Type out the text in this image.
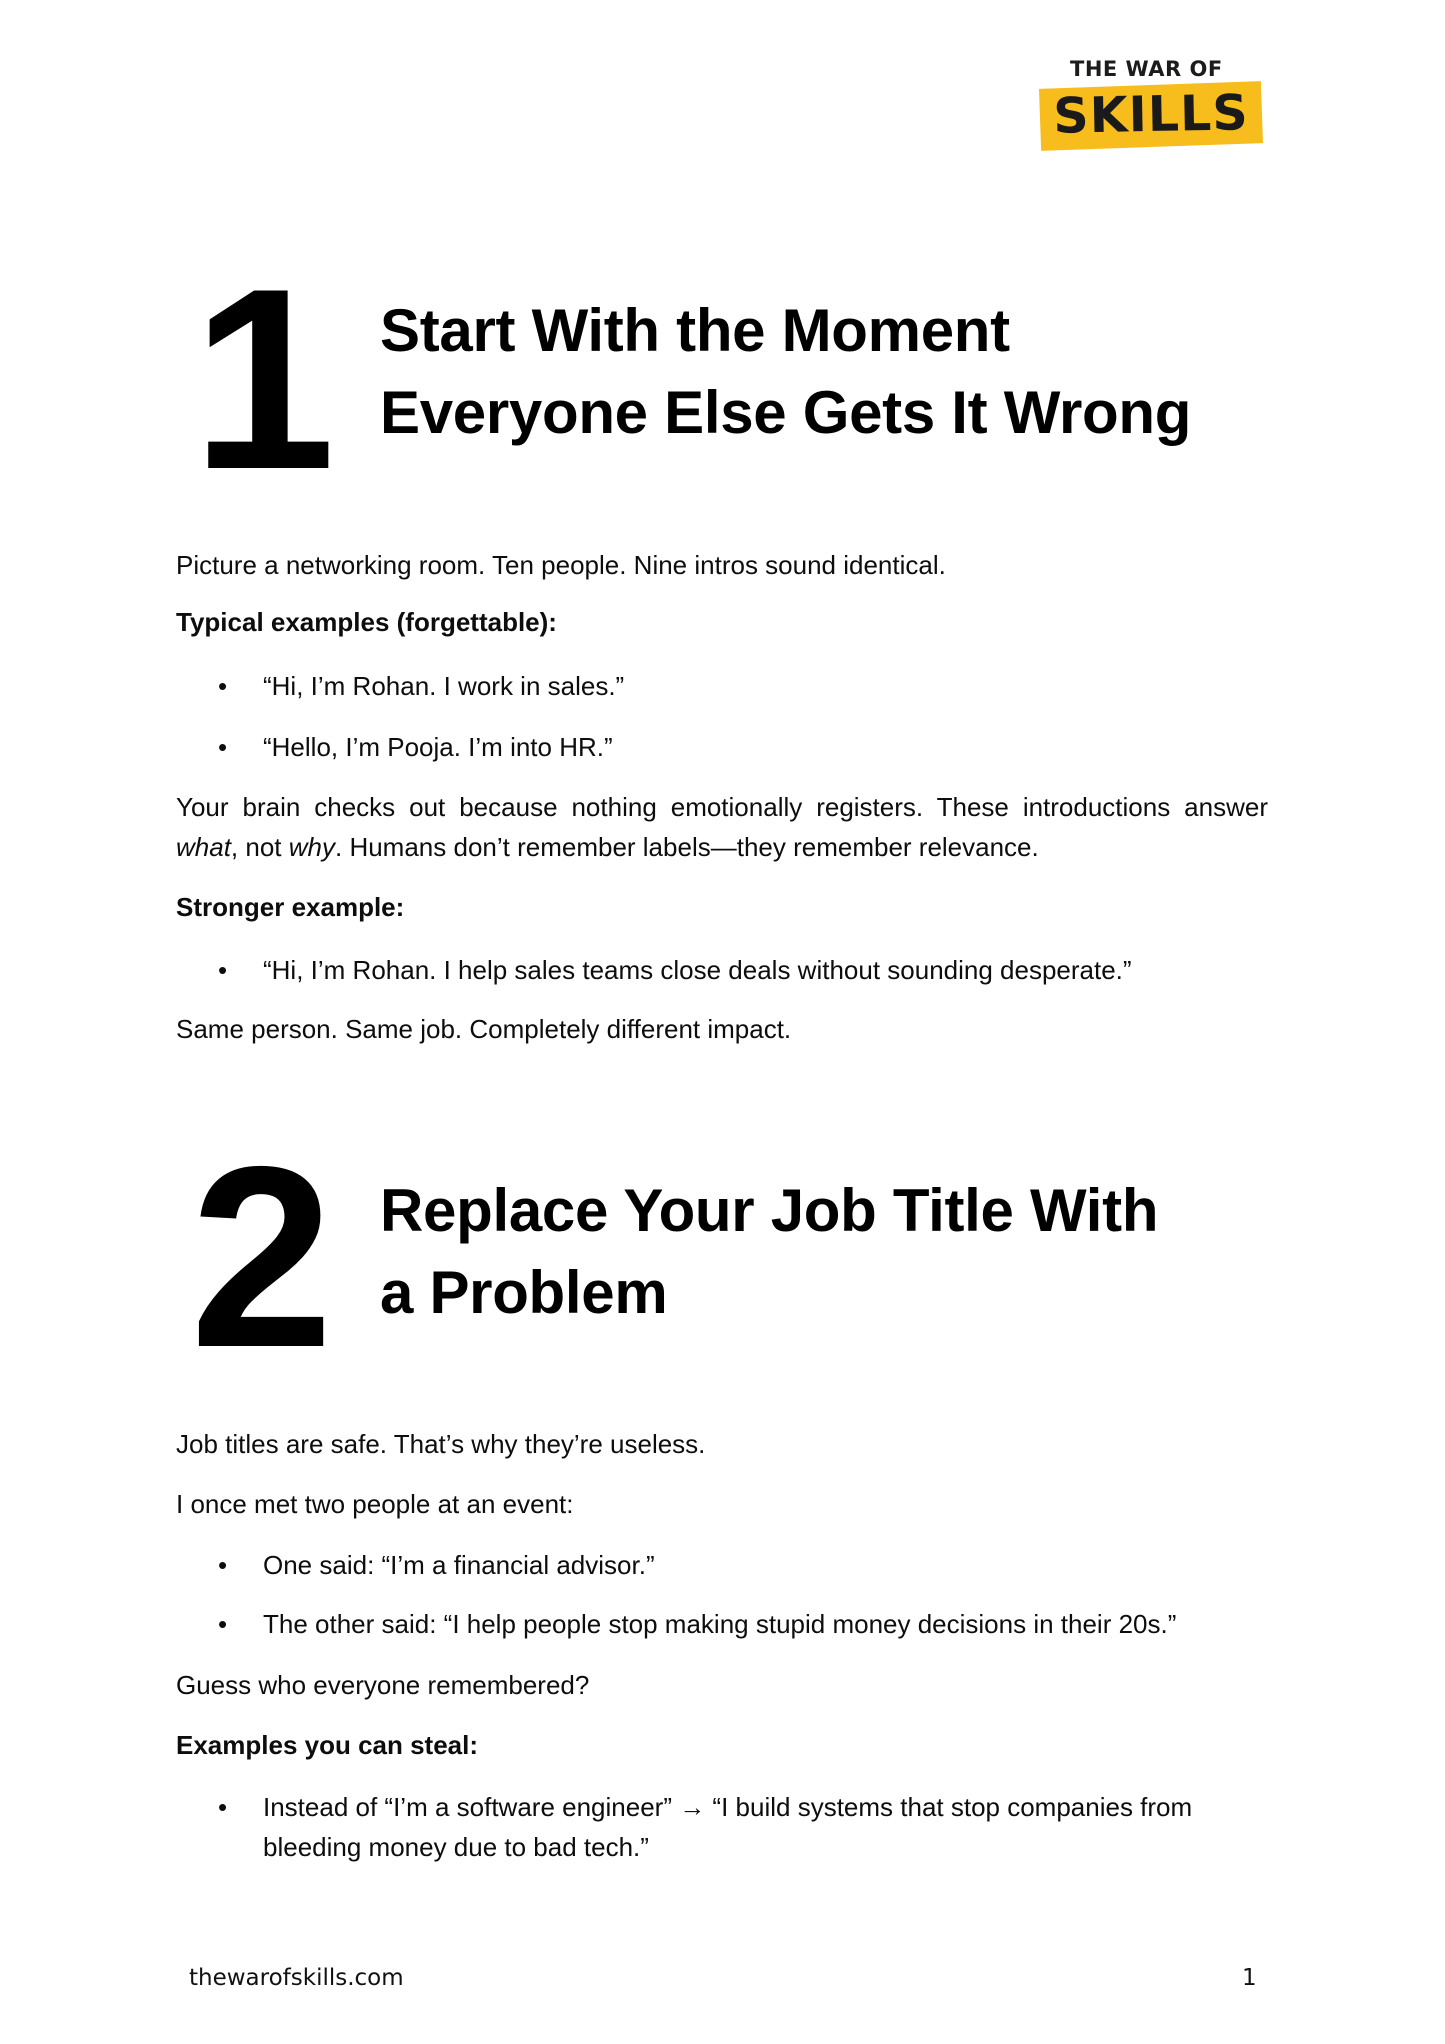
THE WAR OF
SKILLS
1 Start With the Moment
Everyone Else Gets It Wrong
Picture a networking room. Ten people. Nine intros sound identical.
Typical examples (forgettable):
• “Hi, I’m Rohan. I work in sales.”
• “Hello, I’m Pooja. I’m into HR.”
Your brain checks out because nothing emotionally registers. These introductions answer what, not why. Humans don’t remember labels—they remember relevance.
Stronger example:
• “Hi, I’m Rohan. I help sales teams close deals without sounding desperate.”
Same person. Same job. Completely different impact.
2 Replace Your Job Title With
a Problem
Job titles are safe. That’s why they’re useless.
I once met two people at an event:
• One said: “I’m a financial advisor.”
• The other said: “I help people stop making stupid money decisions in their 20s.”
Guess who everyone remembered?
Examples you can steal:
• Instead of “I’m a software engineer” → “I build systems that stop companies from bleeding money due to bad tech.”
thewarofskills.com	1
